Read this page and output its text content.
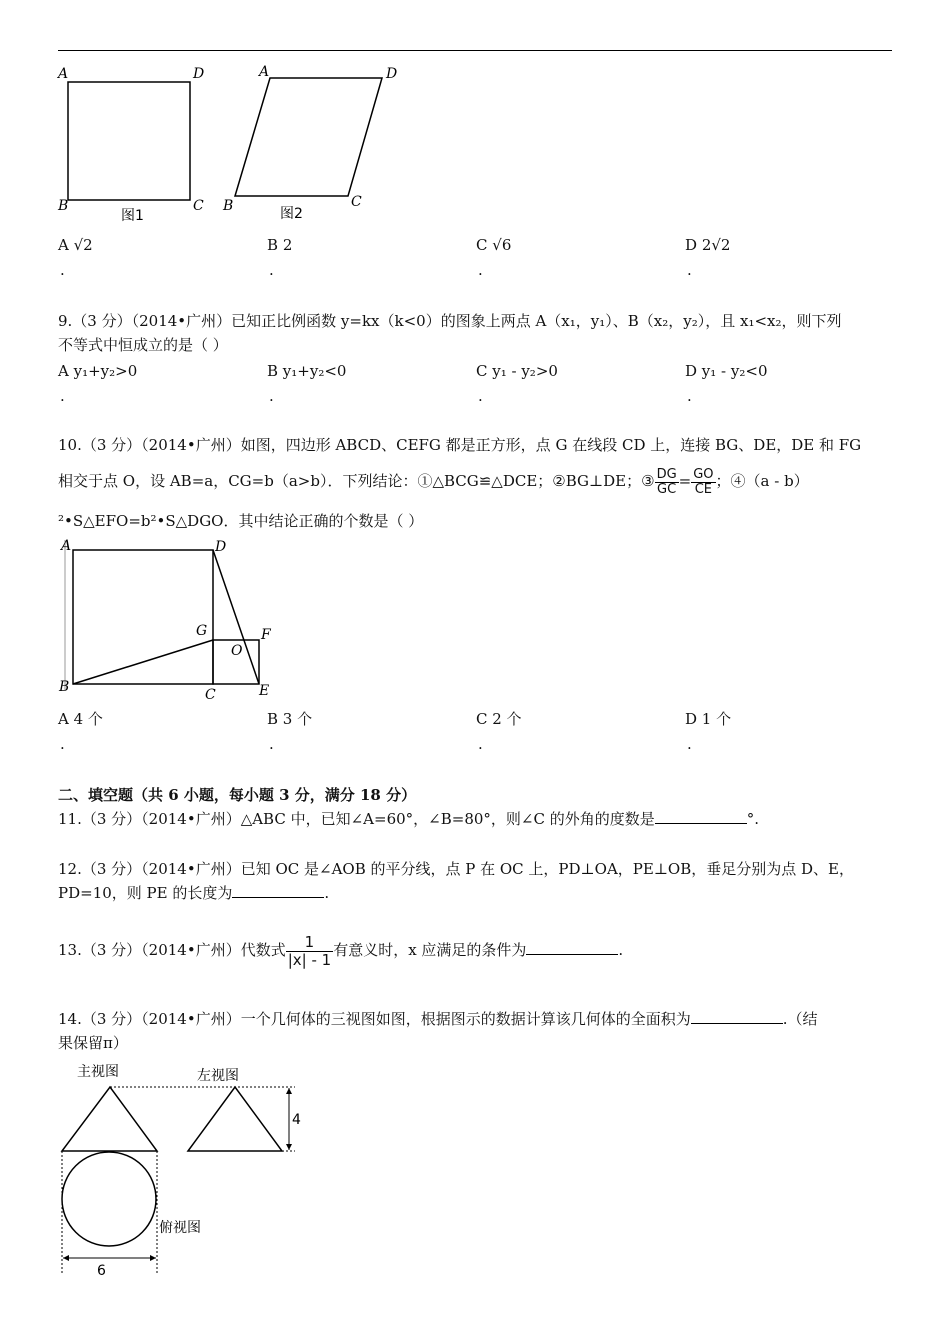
A	D
B	C
图1
A	D
B	C
图2
A √2	B 2	C √6	D 2√2
.	.	.	.
9.（3 分）（2014•广州）已知正比例函数 y=kx（k<0）的图象上两点 A（x₁，y₁）、B（x₂，y₂），且 x₁<x₂，则下列
不等式中恒成立的是（ ）
A y₁+y₂>0	B y₁+y₂<0	C y₁ - y₂>0	D y₁ - y₂<0
.	.	.	.
10.（3 分）（2014•广州）如图，四边形 ABCD、CEFG 都是正方形，点 G 在线段 CD 上，连接 BG、DE，DE 和 FG
相交于点 O，设 AB=a，CG=b（a>b）．下列结论：①△BCG≌△DCE；②BG⊥DE；③ $\frac{DG}{GC} = \frac{GO}{CE}$ ；④（a - b）
²•S△EFO=b²•S△DGO．其中结论正确的个数是（ ）
A	D
B	C	E
F
G
O
A 4 个	B 3 个	C 2 个	D 1 个
.	.	.	.
二、填空题（共 6 小题，每小题 3 分，满分 18 分）
11.（3 分）（2014•广州）△ABC 中，已知∠A=60°，∠B=80°，则∠C 的外角的度数是	°.
12.（3 分）（2014•广州）已知 OC 是∠AOB 的平分线，点 P 在 OC 上，PD⊥OA，PE⊥OB，垂足分别为点 D、E，
PD=10，则 PE 的长度为	.
13.（3 分）（2014•广州）代数式 $\frac{1}{|x| - 1}$ 有意义时，x 应满足的条件为	.
14.（3 分）（2014•广州）一个几何体的三视图如图，根据图示的数据计算该几何体的全面积为	.（结
果保留π）
主视图	左视图
4
俯视图
6
